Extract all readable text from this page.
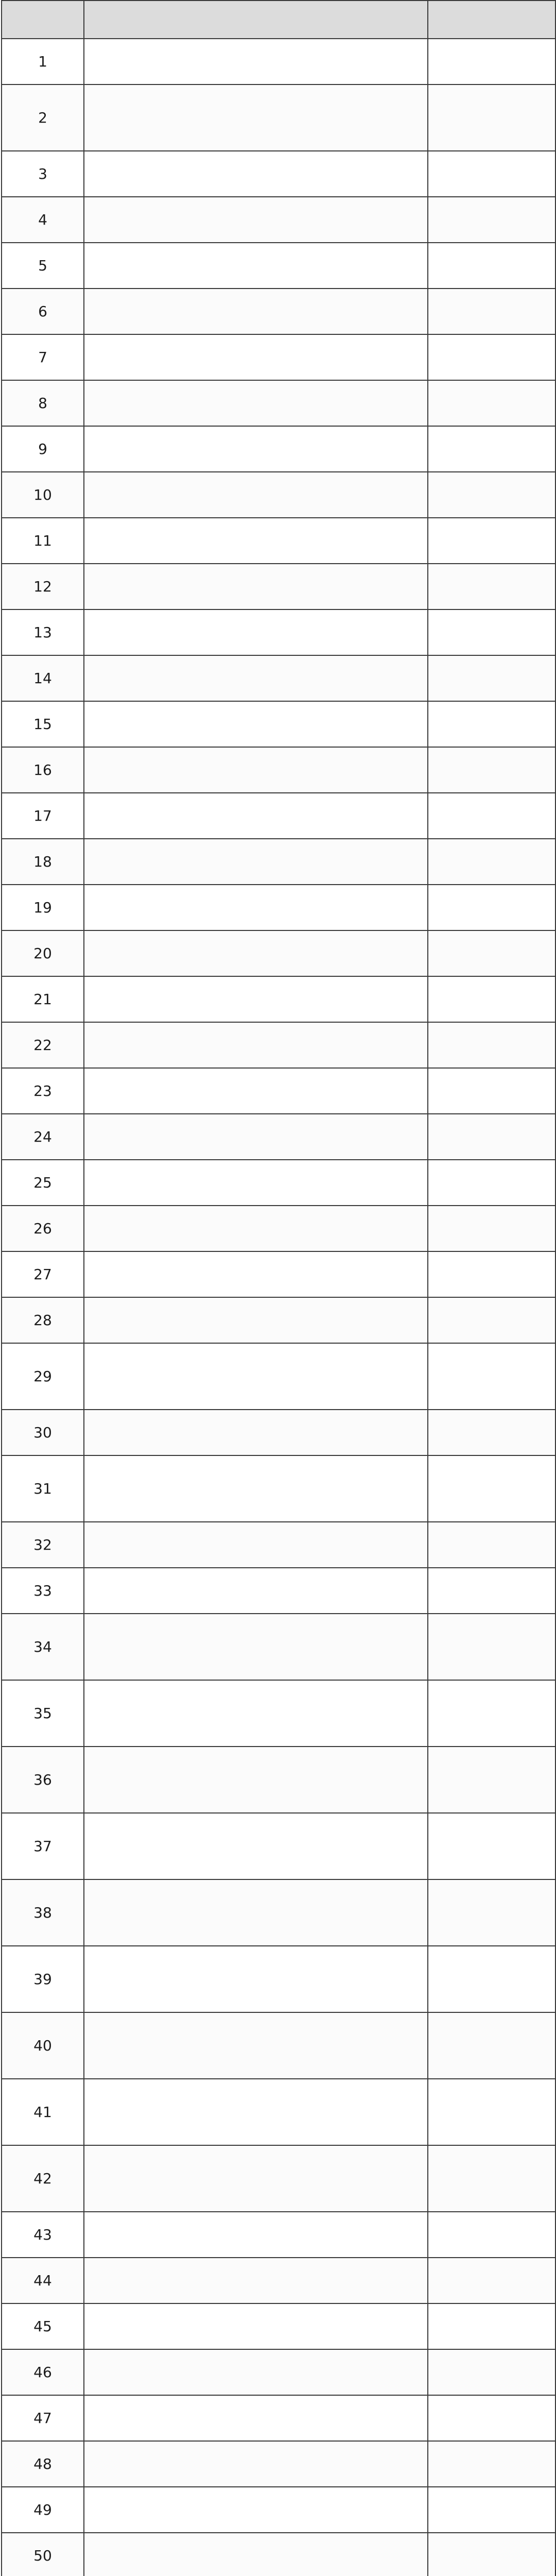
1		
2		
3		
4		
5		
6		
7		
8		
9		
10		
11		
12		
13		
14		
15		
16		
17		
18		
19		
20		
21		
22		
23		
24		
25		
26		
27		
28		
29		
30		
31		
32		
33		
34		
35		
36		
37		
38		
39		
40		
41		
42		
43		
44		
45		
46		
47		
48		
49		
50		
